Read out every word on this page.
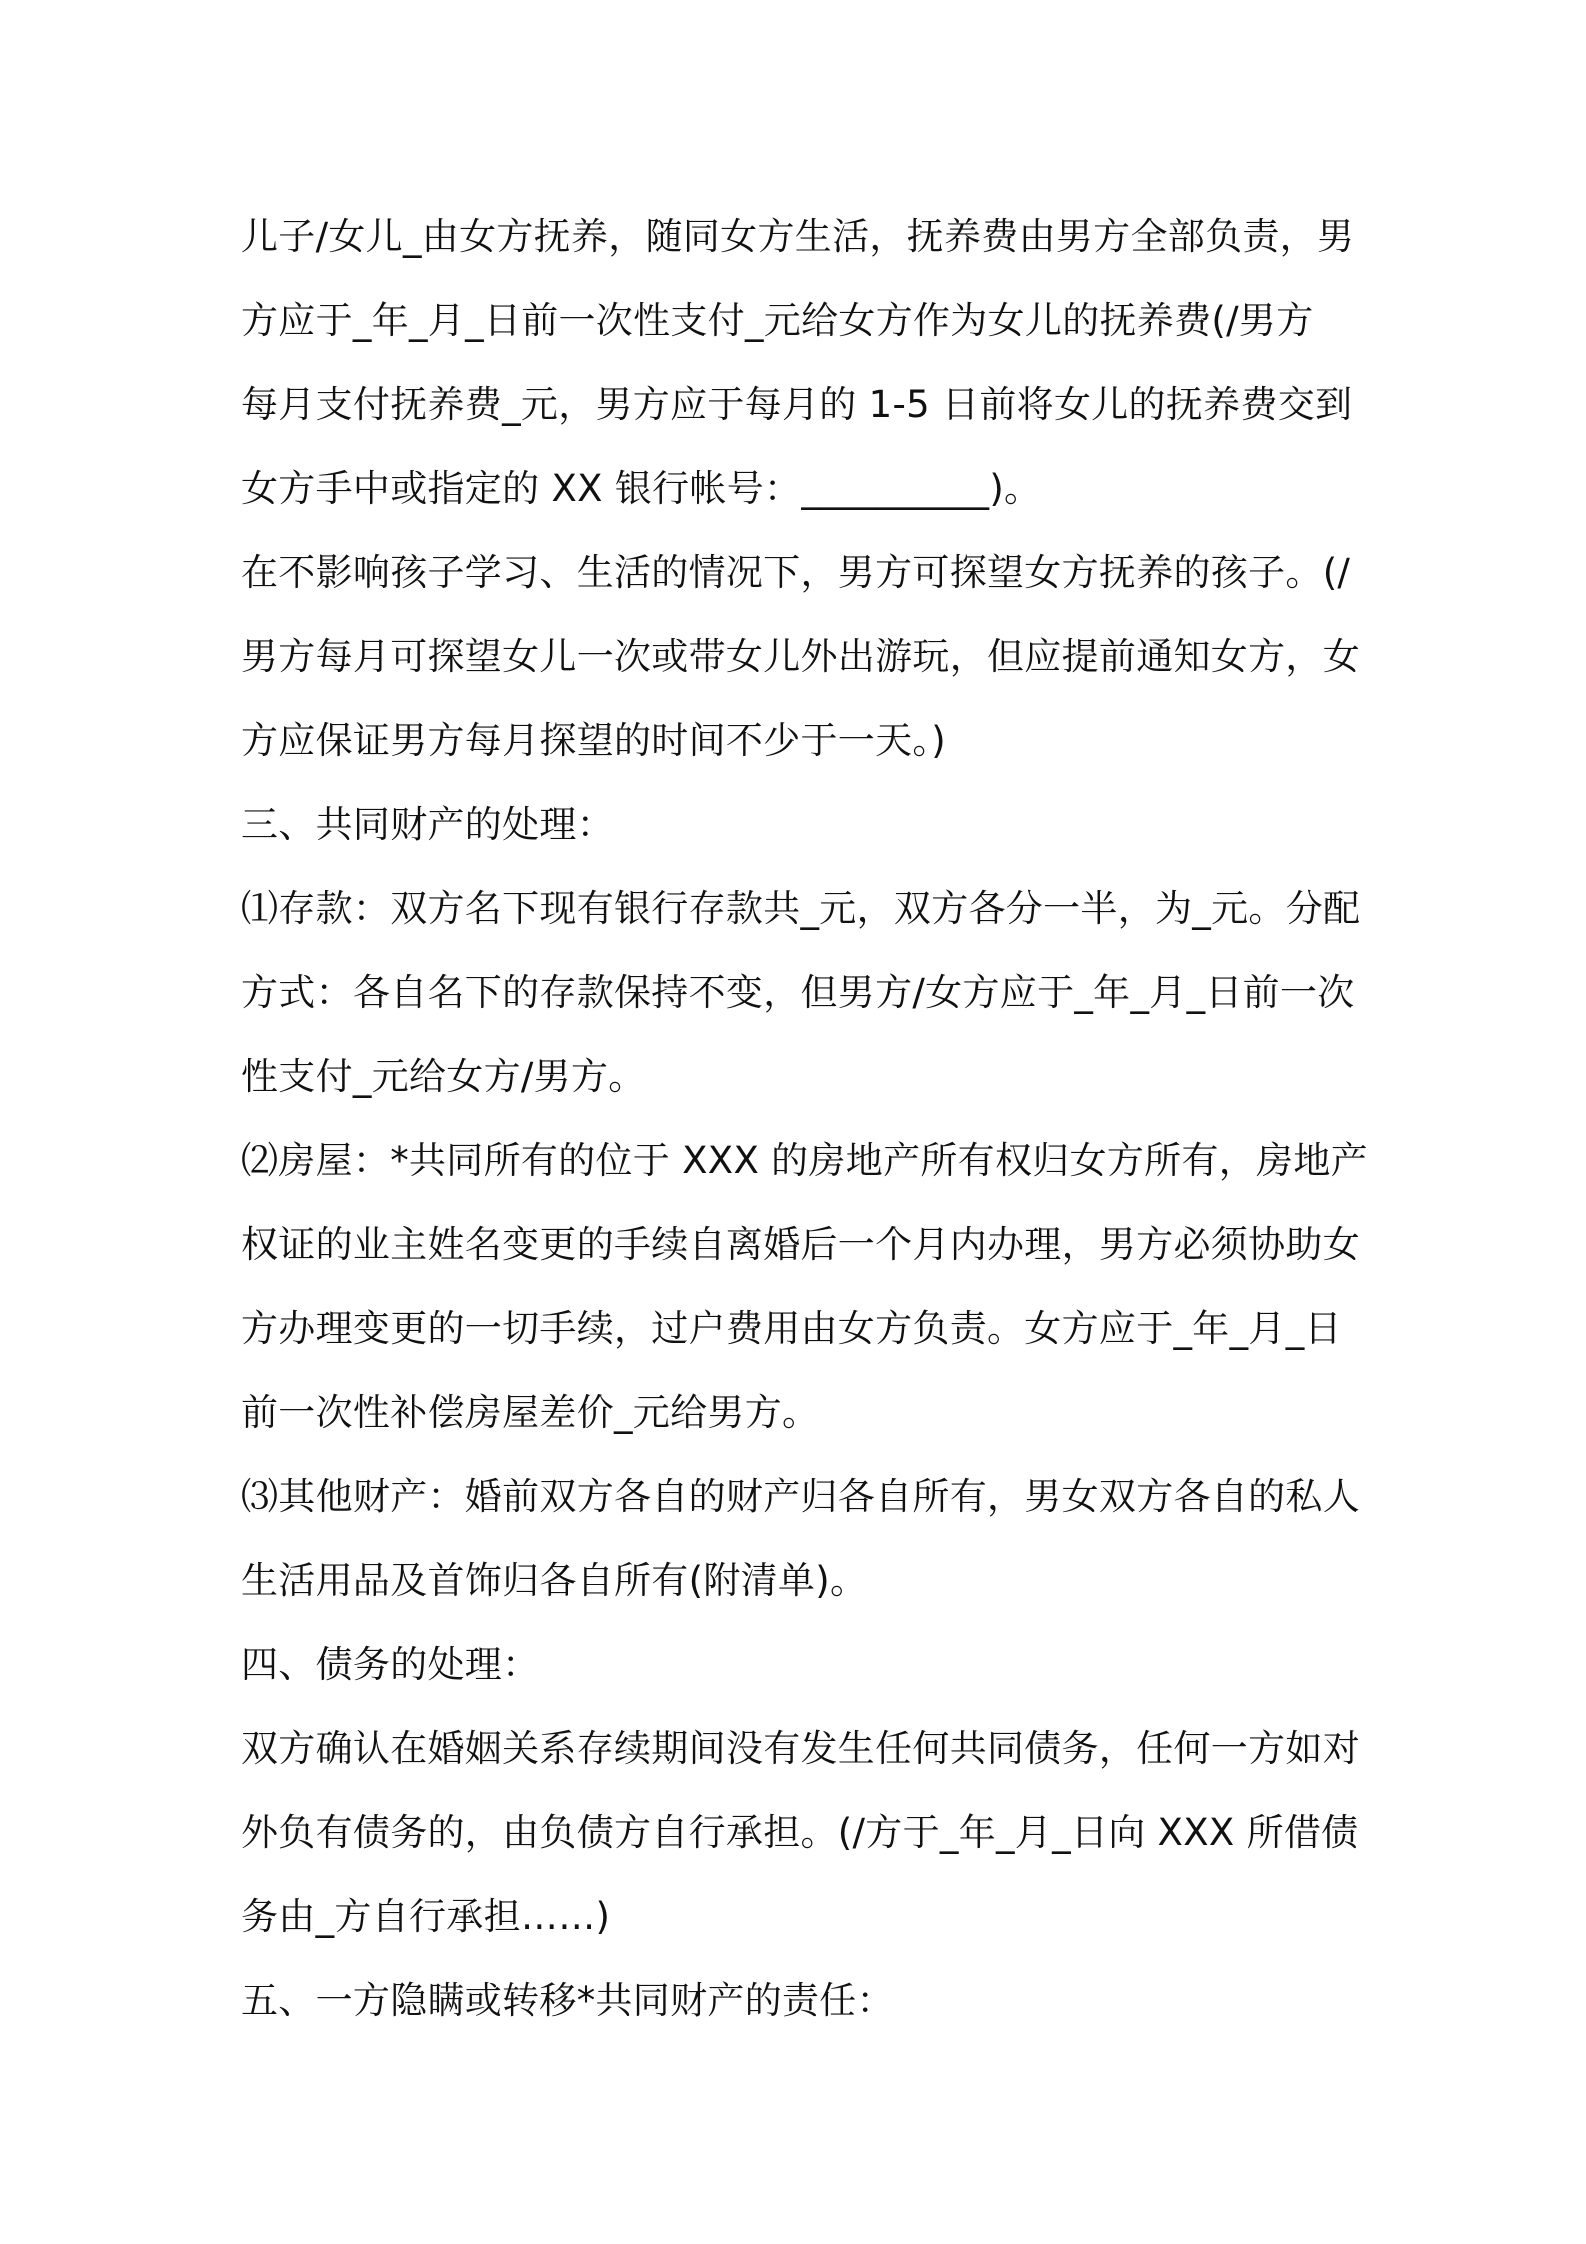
儿子/女儿_由女方抚养，随同女方生活，抚养费由男方全部负责，男
方应于_年_月_日前一次性支付_元给女方作为女儿的抚养费(/男方
每月支付抚养费_元，男方应于每月的 1-5 日前将女儿的抚养费交到
女方手中或指定的 XX 银行帐号：__________)。
在不影响孩子学习、生活的情况下，男方可探望女方抚养的孩子。(/
男方每月可探望女儿一次或带女儿外出游玩，但应提前通知女方，女
方应保证男方每月探望的时间不少于一天。)
三、共同财产的处理：
⑴存款：双方名下现有银行存款共_元，双方各分一半，为_元。分配
方式：各自名下的存款保持不变，但男方/女方应于_年_月_日前一次
性支付_元给女方/男方。
⑵房屋：*共同所有的位于 XXX 的房地产所有权归女方所有，房地产
权证的业主姓名变更的手续自离婚后一个月内办理，男方必须协助女
方办理变更的一切手续，过户费用由女方负责。女方应于_年_月_日
前一次性补偿房屋差价_元给男方。
⑶其他财产：婚前双方各自的财产归各自所有，男女双方各自的私人
生活用品及首饰归各自所有(附清单)。
四、债务的处理：
双方确认在婚姻关系存续期间没有发生任何共同债务，任何一方如对
外负有债务的，由负债方自行承担。(/方于_年_月_日向 XXX 所借债
务由_方自行承担……)
五、一方隐瞒或转移*共同财产的责任：
